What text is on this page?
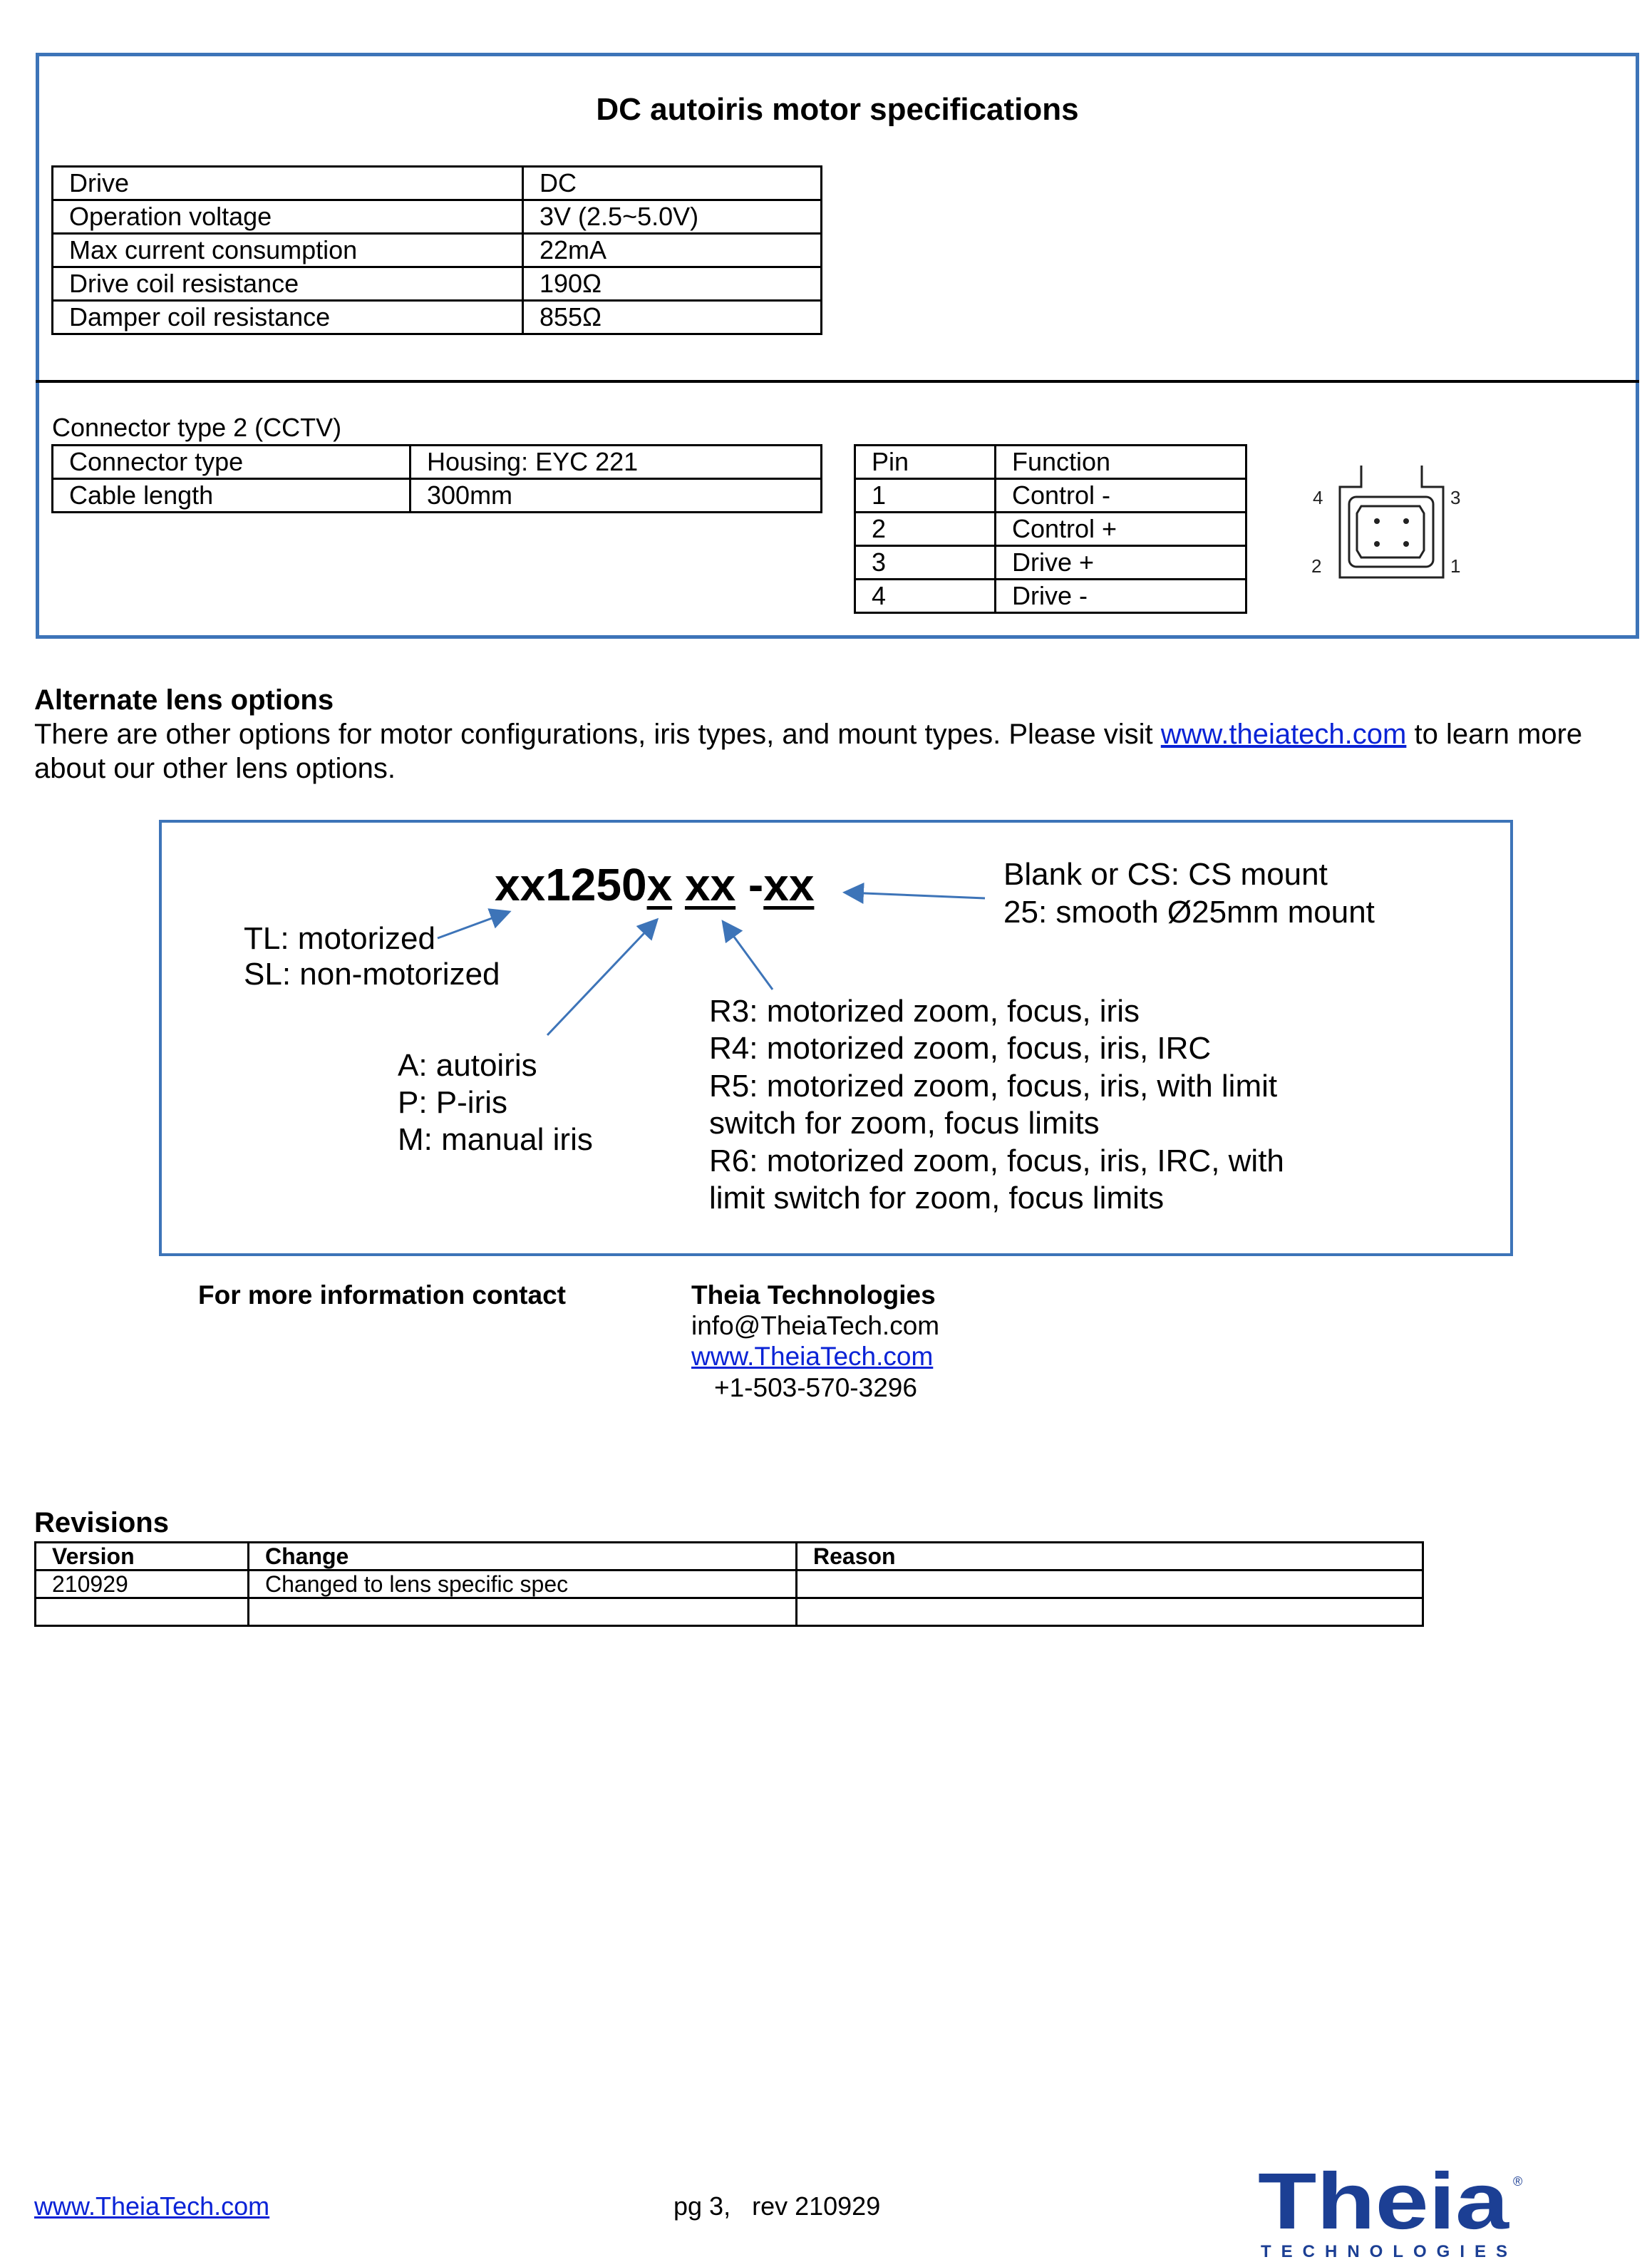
DC autoiris motor specifications
Drive	DC
Operation voltage	3V (2.5~5.0V)
Max current consumption	22mA
Drive coil resistance	190Ω
Damper coil resistance	855Ω
Connector type 2 (CCTV)
Connector type	Housing: EYC 221
Cable length	300mm
Pin	Function
1	Control -
2	Control +
3	Drive +
4	Drive -
4	3
2	1
Alternate lens options
There are other options for motor configurations, iris types, and mount types. Please visit www.theiatech.com to learn more about our other lens options.
xx1250x xx -xx
TL: motorized
SL: non-motorized
A: autoiris
P: P-iris
M: manual iris
Blank or CS: CS mount
25: smooth Ø25mm mount
R3: motorized zoom, focus, iris
R4: motorized zoom, focus, iris, IRC
R5: motorized zoom, focus, iris, with limit
switch for zoom, focus limits
R6: motorized zoom, focus, iris, IRC, with
limit switch for zoom, focus limits
For more information contact	Theia Technologies
info@TheiaTech.com
www.TheiaTech.com
+1-503-570-3296
Revisions
Version	Change	Reason
210929	Changed to lens specific spec	

www.TheiaTech.com	pg 3,   rev 210929	Theia ®
TECHNOLOGIES
